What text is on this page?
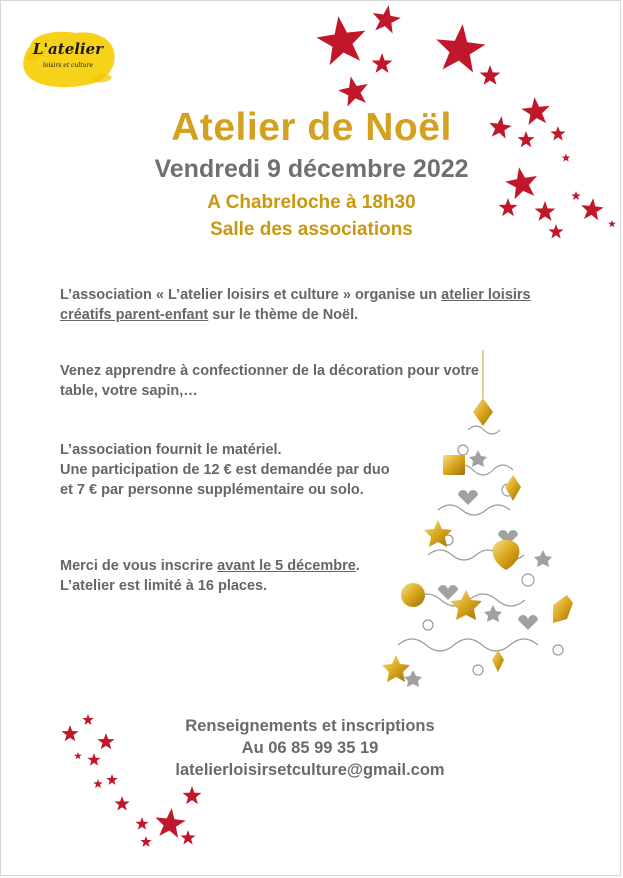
L'atelier
loisirs et culture
Atelier de Noël
Vendredi 9 décembre 2022
A Chabreloche à 18h30
Salle des associations
L’association « L’atelier loisirs et culture » organise un atelier loisirs créatifs parent-enfant sur le thème de Noël.
Venez apprendre à confectionner de la décoration pour votre table, votre sapin,…
L’association fournit le matériel.
Une participation de 12 € est demandée par duo
et 7 € par personne supplémentaire ou solo.
Merci de vous inscrire avant le 5 décembre.
L’atelier est limité à 16 places.
Renseignements et inscriptions
Au 06 85 99 35 19
latelierloisirsetculture@gmail.com
